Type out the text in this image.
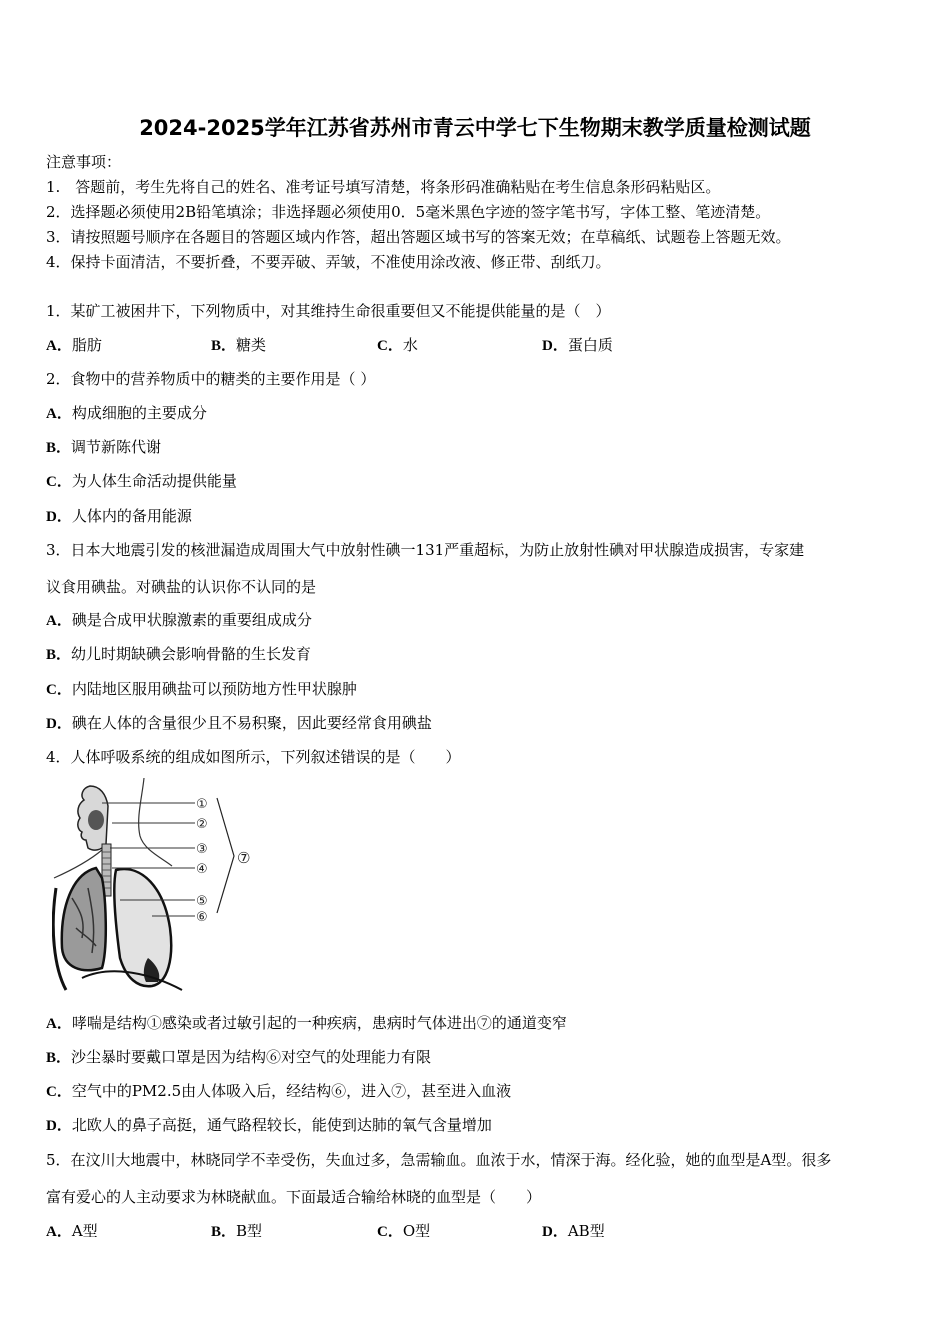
2024-2025学年江苏省苏州市青云中学七下生物期末教学质量检测试题
注意事项：
1.　答题前，考生先将自己的姓名、准考证号填写清楚，将条形码准确粘贴在考生信息条形码粘贴区。
2．选择题必须使用2B铅笔填涂；非选择题必须使用0．5毫米黑色字迹的签字笔书写，字体工整、笔迹清楚。
3．请按照题号顺序在各题目的答题区域内作答，超出答题区域书写的答案无效；在草稿纸、试题卷上答题无效。
4．保持卡面清洁，不要折叠，不要弄破、弄皱，不准使用涂改液、修正带、刮纸刀。
1．某矿工被困井下，下列物质中，对其维持生命很重要但又不能提供能量的是（　）
A．脂肪	B．糖类	C．水	D．蛋白质
2．食物中的营养物质中的糖类的主要作用是（ ）
A．构成细胞的主要成分
B．调节新陈代谢
C．为人体生命活动提供能量
D．人体内的备用能源
3．日本大地震引发的核泄漏造成周围大气中放射性碘一131严重超标，为防止放射性碘对甲状腺造成损害，专家建
议食用碘盐。对碘盐的认识你不认同的是
A．碘是合成甲状腺激素的重要组成成分
B．幼儿时期缺碘会影响骨骼的生长发育
C．内陆地区服用碘盐可以预防地方性甲状腺肿
D．碘在人体的含量很少且不易积聚，因此要经常食用碘盐
4．人体呼吸系统的组成如图所示，下列叙述错误的是（　　）
①
②
③
④
⑤
⑥
⑦
A．哮喘是结构①感染或者过敏引起的一种疾病，患病时气体进出⑦的通道变窄
B．沙尘暴时要戴口罩是因为结构⑥对空气的处理能力有限
C．空气中的PM2.5由人体吸入后，经结构⑥，进入⑦，甚至进入血液
D．北欧人的鼻子高挺，通气路程较长，能使到达肺的氧气含量增加
5．在汶川大地震中，林晓同学不幸受伤，失血过多，急需输血。血浓于水，情深于海。经化验，她的血型是A型。很多
富有爱心的人主动要求为林晓献血。下面最适合输给林晓的血型是（　　）
A．A型	B．B型	C．O型	D．AB型
